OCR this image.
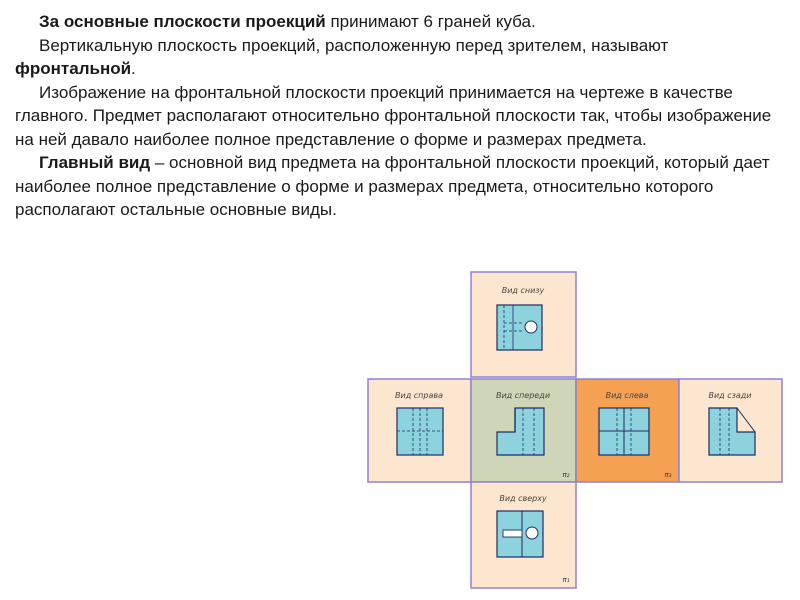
За основные плоскости проекций принимают 6 граней куба.

Вертикальную плоскость проекций, расположенную перед зрителем, называют фронтальной.

Изображение на фронтальной плоскости проекций принимается на чертеже в качестве главного. Предмет располагают относительно фронтальной плоскости так, чтобы изображение на ней давало наиболее полное представление о форме и размерах предмета.

Главный вид – основной вид предмета на фронтальной плоскости проекций, который дает наиболее полное представление о форме и размерах предмета, относительно которого располагают остальные основные виды.

Вид снизу
Вид справа	Вид спереди
π₂
Вид слева
π₃
Вид сзади
Вид сверху
π₁
